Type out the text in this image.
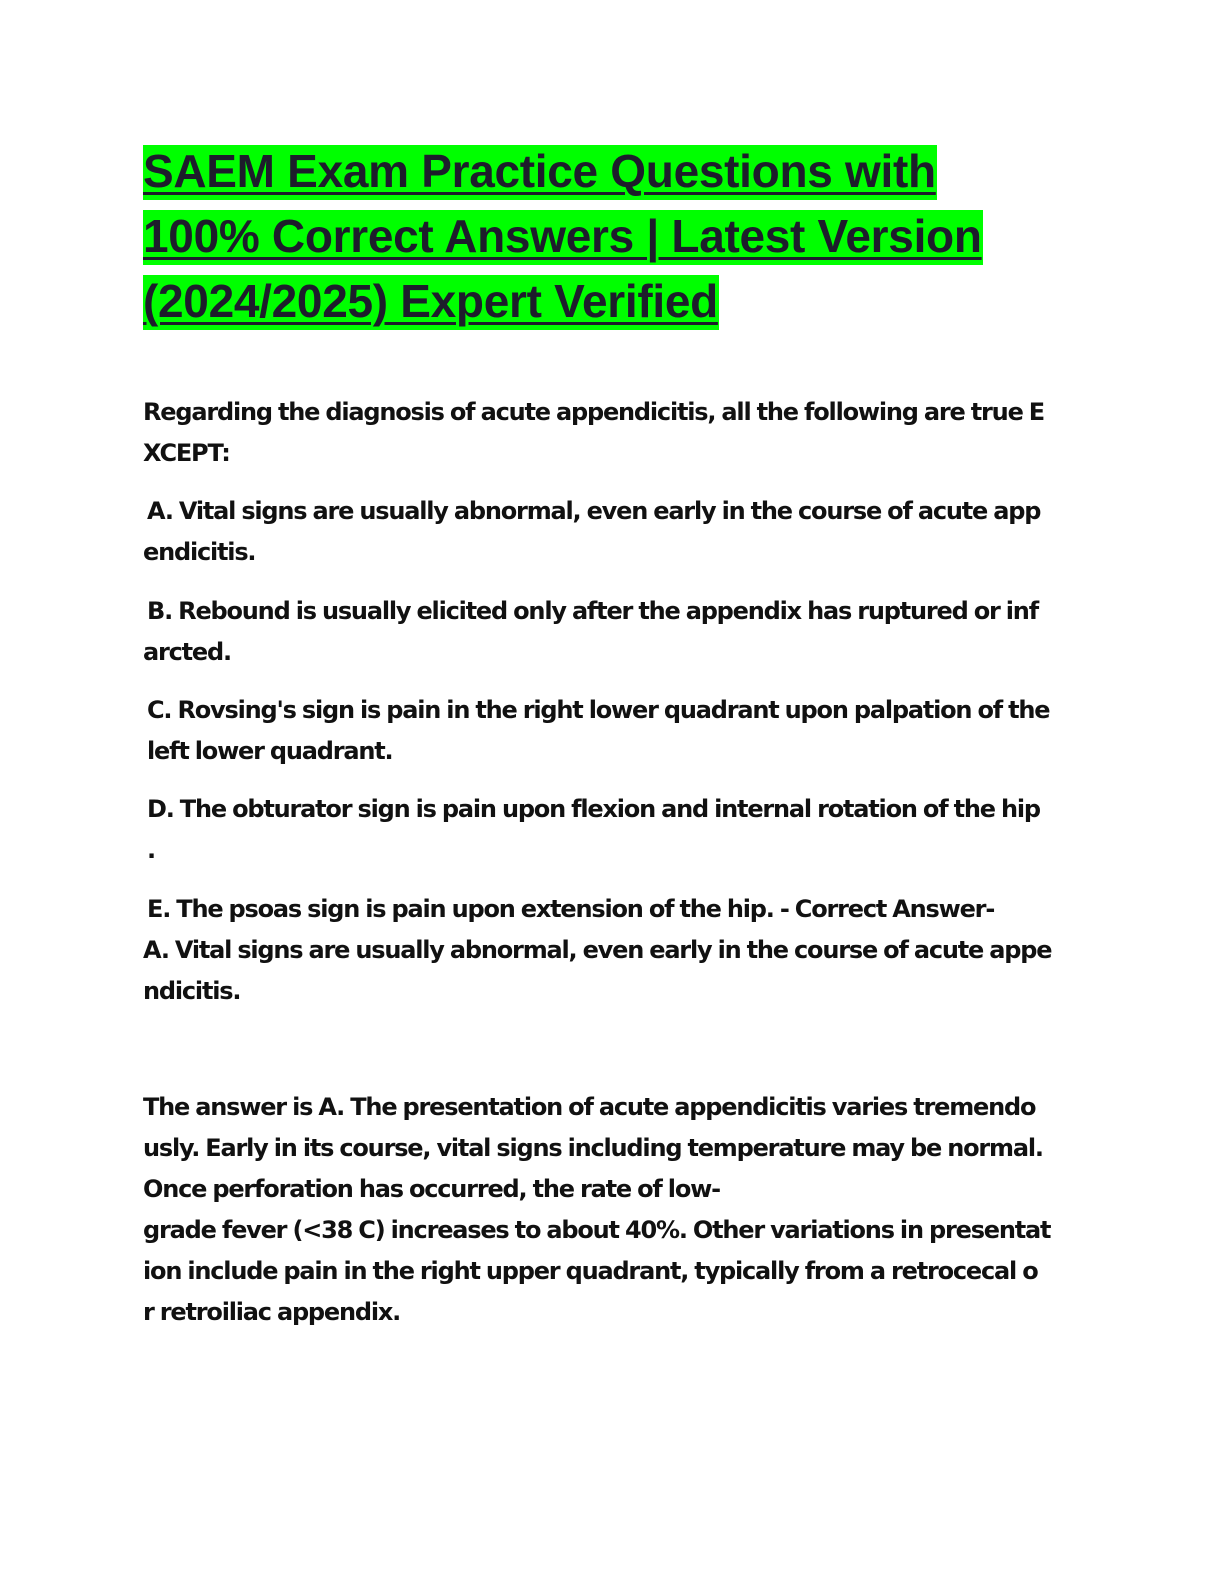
SAEM Exam Practice Questions with
100% Correct Answers | Latest Version
(2024/2025) Expert Verified
Regarding the diagnosis of acute appendicitis, all the following are true E
XCEPT:
A. Vital signs are usually abnormal, even early in the course of acute app
endicitis.
B. Rebound is usually elicited only after the appendix has ruptured or inf
arcted.
C. Rovsing's sign is pain in the right lower quadrant upon palpation of the
left lower quadrant.
D. The obturator sign is pain upon flexion and internal rotation of the hip
.
E. The psoas sign is pain upon extension of the hip. - Correct Answer-
A. Vital signs are usually abnormal, even early in the course of acute appe
ndicitis.
The answer is A. The presentation of acute appendicitis varies tremendo
usly. Early in its course, vital signs including temperature may be normal.
Once perforation has occurred, the rate of low-
grade fever (<38 C) increases to about 40%. Other variations in presentat
ion include pain in the right upper quadrant, typically from a retrocecal o
r retroiliac appendix.
